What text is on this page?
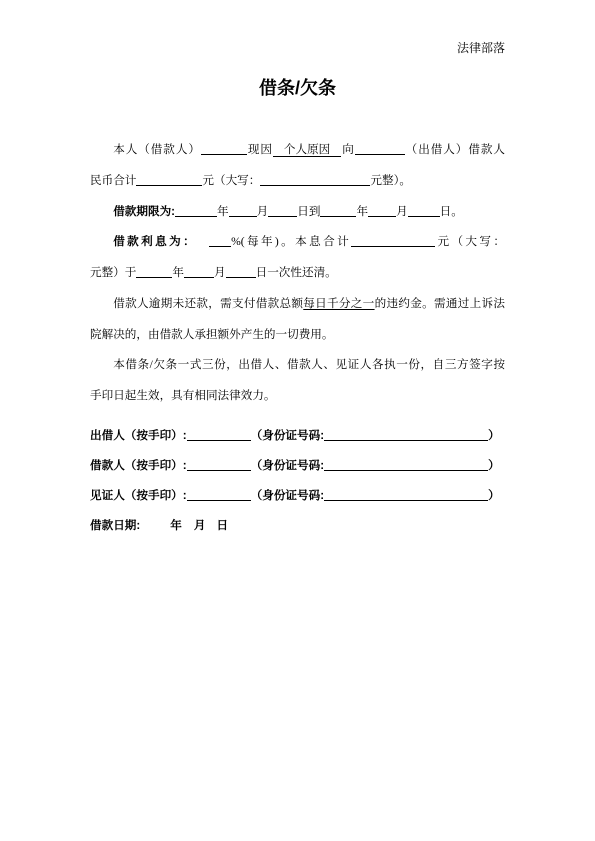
法律部落
借条/欠条
本人（借款人）	现因 个人原因 向	（出借人）借款人
民币合计	元（大写：	元整）。
借款期限为:	年 月	日到	年 月	日。
借款利息为：	%(每年)。本息合计	元（大写：
元整）于	年	月	日一次性还清。
借款人逾期未还款，需支付借款总额每日千分之一的违约金。需通过上诉法
院解决的，由借款人承担额外产生的一切费用。
本借条/欠条一式三份，出借人、借款人、见证人各执一份，自三方签字按
手印日起生效，具有相同法律效力。
出借人（按手印）:	（身份证号码:	）
借款人（按手印）:	（身份证号码:	）
见证人（按手印）:	（身份证号码:	）
借款日期:	年 月 日
